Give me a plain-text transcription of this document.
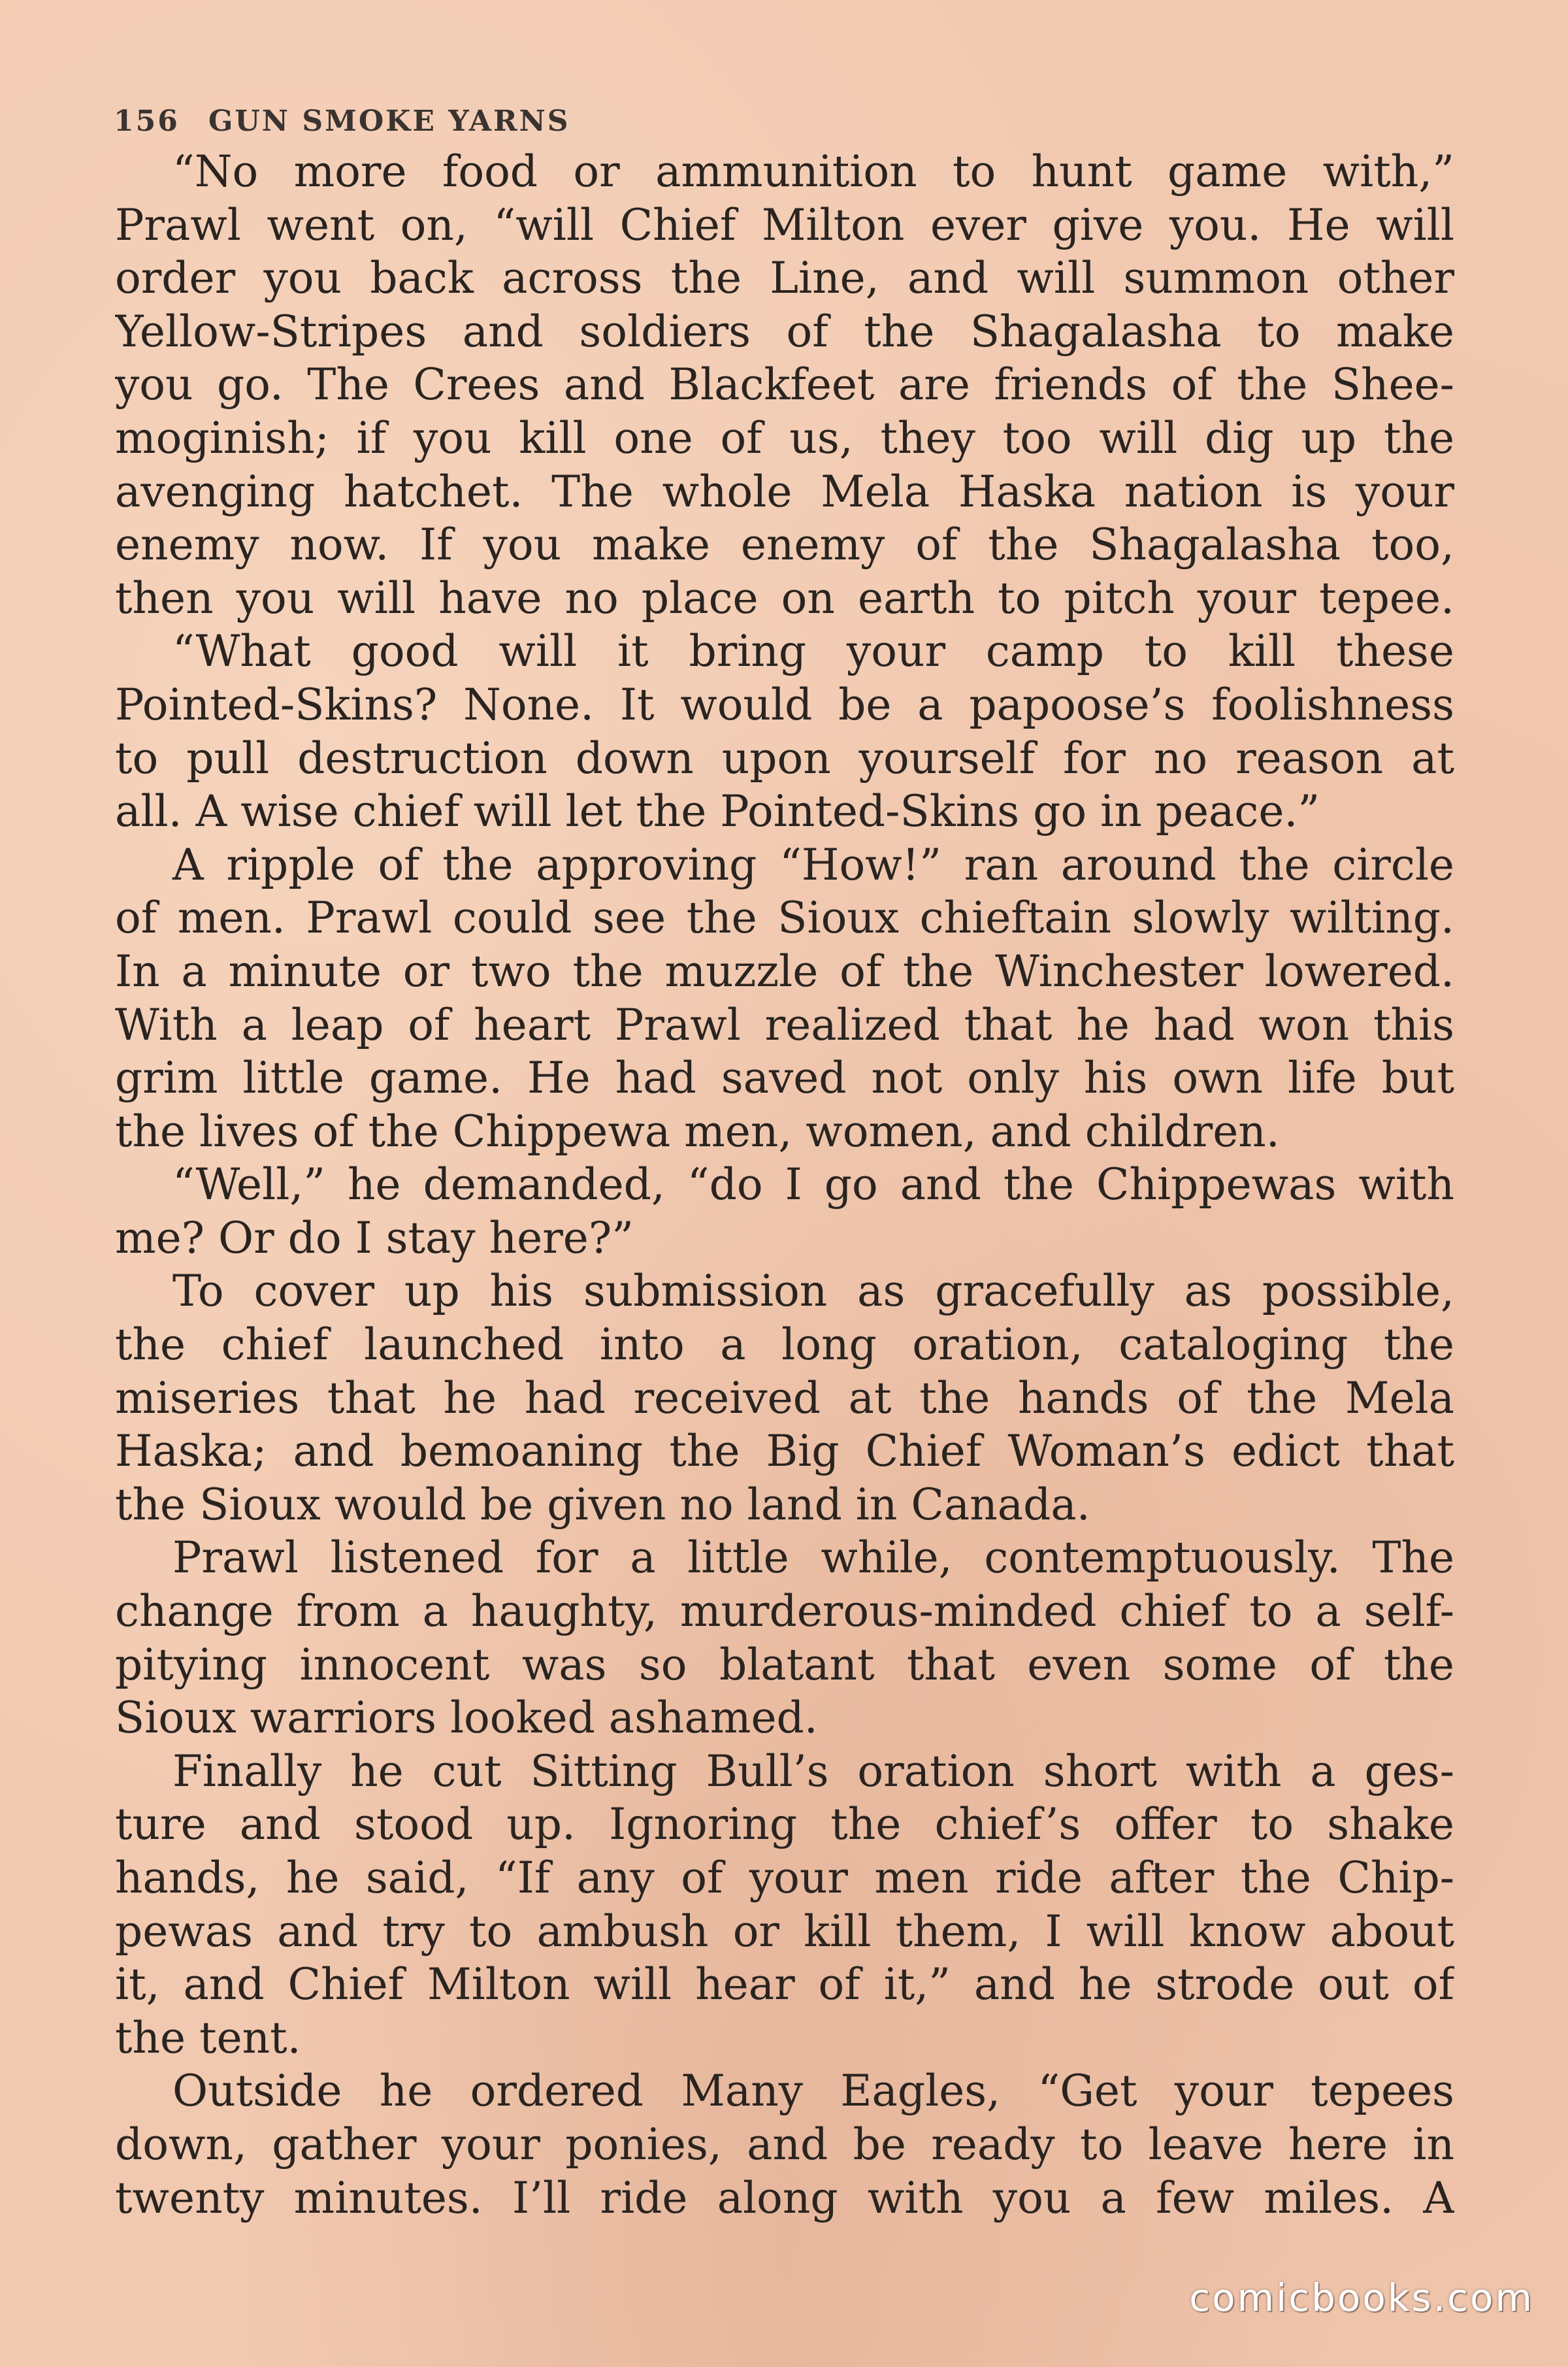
156 GUN SMOKE YARNS
“No more food or ammunition to hunt game with,”
Prawl went on, “will Chief Milton ever give you. He will
order you back across the Line, and will summon other
Yellow-Stripes and soldiers of the Shagalasha to make
you go. The Crees and Blackfeet are friends of the Shee-
moginish; if you kill one of us, they too will dig up the
avenging hatchet. The whole Mela Haska nation is your
enemy now. If you make enemy of the Shagalasha too,
then you will have no place on earth to pitch your tepee.
“What good will it bring your camp to kill these
Pointed-Skins? None. It would be a papoose’s foolishness
to pull destruction down upon yourself for no reason at
all. A wise chief will let the Pointed-Skins go in peace.”
A ripple of the approving “How!” ran around the circle
of men. Prawl could see the Sioux chieftain slowly wilting.
In a minute or two the muzzle of the Winchester lowered.
With a leap of heart Prawl realized that he had won this
grim little game. He had saved not only his own life but
the lives of the Chippewa men, women, and children.
“Well,” he demanded, “do I go and the Chippewas with
me? Or do I stay here?”
To cover up his submission as gracefully as possible,
the chief launched into a long oration, cataloging the
miseries that he had received at the hands of the Mela
Haska; and bemoaning the Big Chief Woman’s edict that
the Sioux would be given no land in Canada.
Prawl listened for a little while, contemptuously. The
change from a haughty, murderous-minded chief to a self-
pitying innocent was so blatant that even some of the
Sioux warriors looked ashamed.
Finally he cut Sitting Bull’s oration short with a ges-
ture and stood up. Ignoring the chief’s offer to shake
hands, he said, “If any of your men ride after the Chip-
pewas and try to ambush or kill them, I will know about
it, and Chief Milton will hear of it,” and he strode out of
the tent.
Outside he ordered Many Eagles, “Get your tepees
down, gather your ponies, and be ready to leave here in
twenty minutes. I’ll ride along with you a few miles. A
comicbooks.com
